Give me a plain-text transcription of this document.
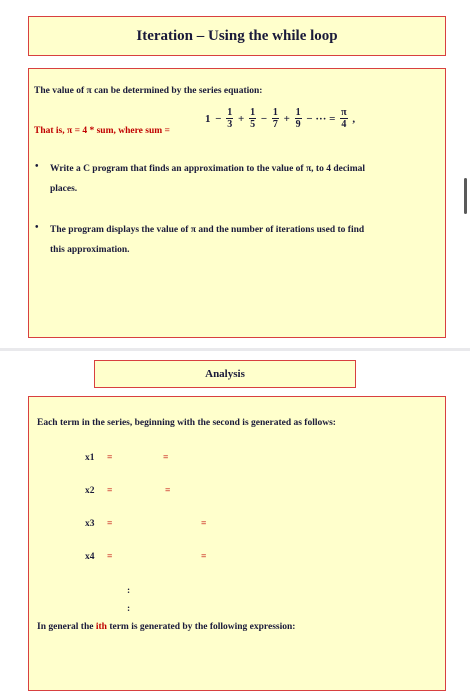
Iteration – Using the while loop
The value of π can be determined by the series equation:
That is, π = 4 * sum, where sum =
$1 - \frac{1}{3} + \frac{1}{5} - \frac{1}{7} + \frac{1}{9}$ − ··· = $\frac{\pi}{4}$ ,
• Write a C program that finds an approximation to the value of π, to 4 decimal
places.
• The program displays the value of π and the number of iterations used to find
this approximation.
Analysis
Each term in the series, beginning with the second is generated as follows:
x1 =	=
x2 =	=
x3 =	=
x4 =	=
:
:
In general the ith term is generated by the following expression:
